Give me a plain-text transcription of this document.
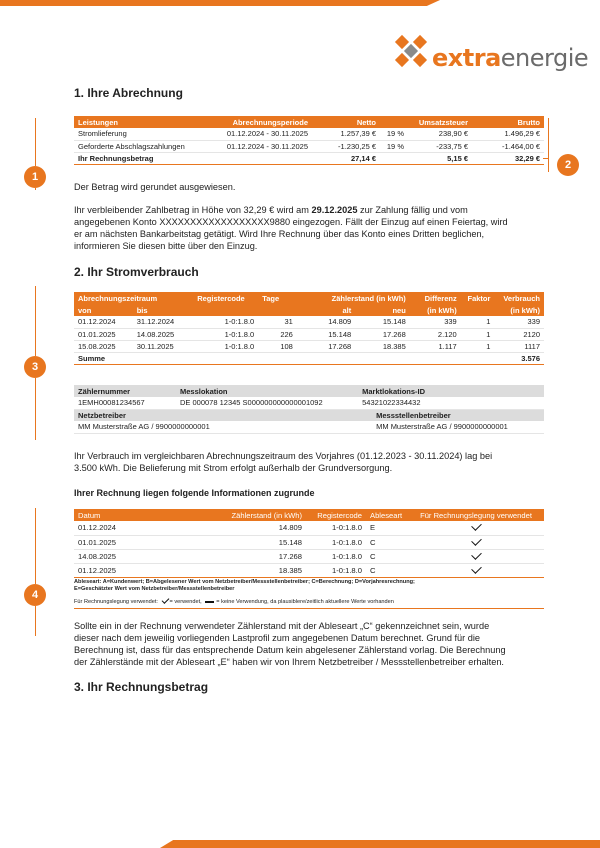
extraenergie
1. Ihre Abrechnung
1
2
Leistungen	Abrechnungsperiode	Netto		Umsatzsteuer	Brutto
Stromlieferung	01.12.2024 - 30.11.2025	1.257,39 €	19 %	238,90 €	1.496,29 €
Geforderte Abschlagszahlungen	01.12.2024 - 30.11.2025	-1.230,25 €	19 %	-233,75 €	-1.464,00 €
Ihr Rechnungsbetrag		27,14 €		5,15 €	32,29 €
Der Betrag wird gerundet ausgewiesen.
Ihr verbleibender Zahlbetrag in Höhe von 32,29 € wird am 29.12.2025 zur Zahlung fällig und vom
angegebenen Konto XXXXXXXXXXXXXXXXXX9880 eingezogen. Fällt der Einzug auf einen Feiertag, wird
er am nächsten Bankarbeitstag getätigt. Wird Ihre Rechnung über das Konto eines Dritten beglichen,
informieren Sie diesen bitte über den Einzug.
2. Ihr Stromverbrauch
3
Abrechnungszeitraum		Registercode	Tage	Zählerstand (in kWh)		Differenz	Faktor	Verbrauch
von	bis			alt	neu	(in kWh)		(in kWh)
01.12.2024	31.12.2024	1-0:1.8.0	31	14.809	15.148	339	1	339
01.01.2025	14.08.2025	1-0:1.8.0	226	15.148	17.268	2.120	1	2120
15.08.2025	30.11.2025	1-0:1.8.0	108	17.268	18.385	1.117	1	1117
Summe								3.576
Zählernummer	Messlokation	Marktlokations-ID
1EMH00081234567	DE 000078 12345 S000000000000001092	54321022334432
Netzbetreiber		Messstellenbetreiber
MM Musterstraße AG / 9900000000001		MM Musterstraße AG / 9900000000001
Ihr Verbrauch im vergleichbaren Abrechnungszeitraum des Vorjahres (01.12.2023 - 30.11.2024) lag bei
3.500 kWh. Die Belieferung mit Strom erfolgt außerhalb der Grundversorgung.
Ihrer Rechnung liegen folgende Informationen zugrunde
4
Datum	Zählerstand (in kWh)	Registercode	Ableseart	Für Rechnungslegung verwendet
01.12.2024	14.809	1-0:1.8.0	E	
01.01.2025	15.148	1-0:1.8.0	C	
14.08.2025	17.268	1-0:1.8.0	C	
01.12.2025	18.385	1-0:1.8.0	C	
Ableseart: A=Kundenwert; B=Abgelesener Wert vom Netzbetreiber/Messstellenbetreiber; C=Berechnung; D=Vorjahresrechnung;
E=Geschätzter Wert vom Netzbetreiber/Messstellenbetreiber
Für Rechnungslegung verwendet: = verwendet, = keine Verwendung, da plausiblere/zeitlich aktuellere Werte vorhanden
Sollte ein in der Rechnung verwendeter Zählerstand mit der Ableseart „C“ gekennzeichnet sein, wurde
dieser nach dem jeweilig vorliegenden Lastprofil zum angegebenen Datum berechnet. Grund für die
Berechnung ist, dass für das entsprechende Datum kein abgelesener Zählerstand vorlag. Die Berechnung
der Zählerstände mit der Ableseart „E“ haben wir von Ihrem Netzbetreiber / Messstellenbetreiber erhalten.
3. Ihr Rechnungsbetrag
